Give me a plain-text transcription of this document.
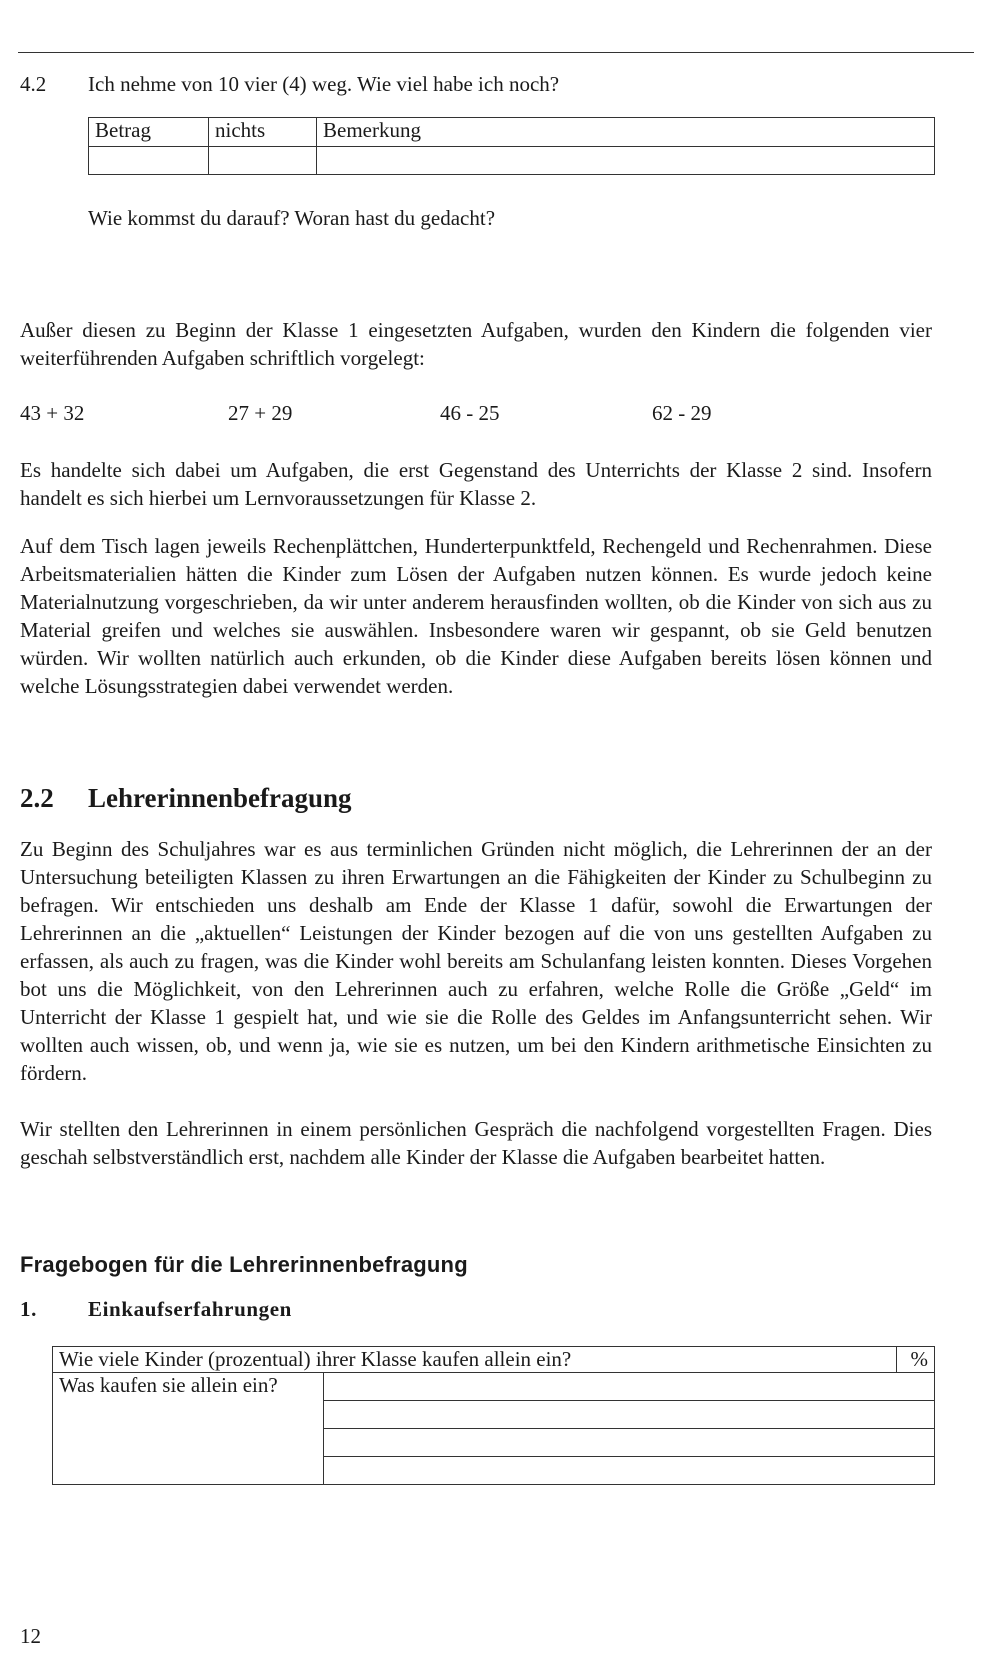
4.2 Ich nehme von 10 vier (4) weg. Wie viel habe ich noch?
Betrag	nichts	Bemerkung

Wie kommst du darauf? Woran hast du gedacht?
Außer diesen zu Beginn der Klasse 1 eingesetzten Aufgaben, wurden den Kindern die folgenden vier weiterführenden Aufgaben schriftlich vorgelegt:
43 + 32	27 + 29	46 - 25	62 - 29
Es handelte sich dabei um Aufgaben, die erst Gegenstand des Unterrichts der Klasse 2 sind. Insofern handelt es sich hierbei um Lernvoraussetzungen für Klasse 2.
Auf dem Tisch lagen jeweils Rechenplättchen, Hunderterpunktfeld, Rechengeld und Rechenrahmen. Diese Arbeitsmaterialien hätten die Kinder zum Lösen der Aufgaben nutzen können. Es wurde jedoch keine Materialnutzung vorgeschrieben, da wir unter anderem herausfinden wollten, ob die Kinder von sich aus zu Material greifen und welches sie auswählen. Insbesondere waren wir gespannt, ob sie Geld benutzen würden. Wir wollten natürlich auch erkunden, ob die Kinder diese Aufgaben bereits lösen können und welche Lösungsstrategien dabei verwendet werden.
2.2 Lehrerinnenbefragung
Zu Beginn des Schuljahres war es aus terminlichen Gründen nicht möglich, die Lehrerinnen der an der Untersuchung beteiligten Klassen zu ihren Erwartungen an die Fähigkeiten der Kinder zu Schulbeginn zu befragen. Wir entschieden uns deshalb am Ende der Klasse 1 dafür, sowohl die Erwartungen der Lehrerinnen an die „aktuellen“ Leistungen der Kinder bezogen auf die von uns gestellten Aufgaben zu erfassen, als auch zu fragen, was die Kinder wohl bereits am Schulanfang leisten konnten. Dieses Vorgehen bot uns die Möglichkeit, von den Lehrerinnen auch zu erfahren, welche Rolle die Größe „Geld“ im Unterricht der Klasse 1 gespielt hat, und wie sie die Rolle des Geldes im Anfangsunterricht sehen. Wir wollten auch wissen, ob, und wenn ja, wie sie es nutzen, um bei den Kindern arithmetische Einsichten zu fördern.
Wir stellten den Lehrerinnen in einem persönlichen Gespräch die nachfolgend vorgestellten Fragen. Dies geschah selbstverständlich erst, nachdem alle Kinder der Klasse die Aufgaben bearbeitet hatten.
Fragebogen für die Lehrerinnenbefragung
1. Einkaufserfahrungen
Wie viele Kinder (prozentual) ihrer Klasse kaufen allein ein?		%
Was kaufen sie allein ein?		

12
